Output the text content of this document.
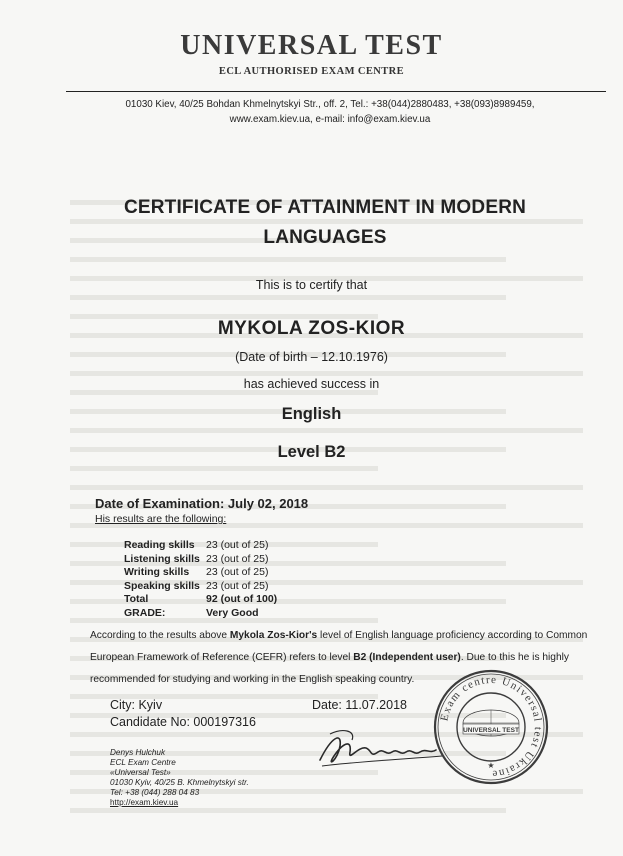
UNIVERSAL TEST
ECL AUTHORISED EXAM CENTRE
01030 Kiev, 40/25 Bohdan Khmelnytskyi Str., off. 2, Tel.: +38(044)2880483, +38(093)8989459,
www.exam.kiev.ua, e-mail: info@exam.kiev.ua
CERTIFICATE OF ATTAINMENT IN MODERN LANGUAGES
This is to certify that
MYKOLA ZOS-KIOR
(Date of birth – 12.10.1976)
has achieved success in
English
Level B2
Date of Examination: July 02, 2018
His results are the following:
Reading skills 23 (out of 25)
Listening skills 23 (out of 25)
Writing skills 23 (out of 25)
Speaking skills 23 (out of 25)
Total	92 (out of 100)
GRADE:	Very Good
According to the results above Mykola Zos-Kior's level of English language proficiency according to Common European Framework of Reference (CEFR) refers to level B2 (Independent user). Due to this he is highly recommended for studying and working in the English speaking country.
City: Kyiv
Candidate No: 000197316
Date: 11.07.2018
Denys Hulchuk
ECL Exam Centre
«Universal Test»
01030 Kyiv, 40/25 B. Khmelnytskyi str.
Tel: +38 (044) 288 04 83
http://exam.kiev.ua
Exam centre Universal test Ukraine
UNIVERSAL TEST
★
